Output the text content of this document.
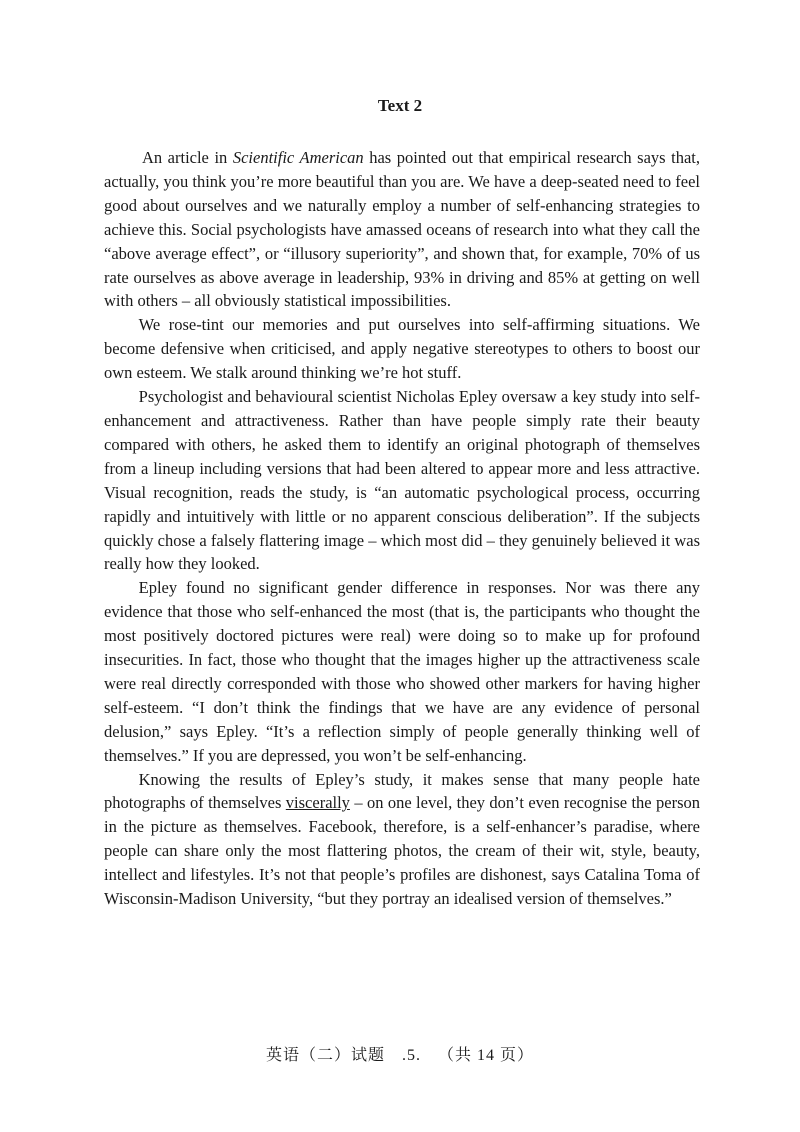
Text 2

An article in Scientific American has pointed out that empirical research says that, actually, you think you’re more beautiful than you are. We have a deep-seated need to feel good about ourselves and we naturally employ a number of self-enhancing strategies to achieve this. Social psychologists have amassed oceans of research into what they call the “above average effect”, or “illusory superiority”, and shown that, for example, 70% of us rate ourselves as above average in leadership, 93% in driving and 85% at getting on well with others – all obviously statistical impossibilities.

We rose-tint our memories and put ourselves into self-affirming situations. We become defensive when criticised, and apply negative stereotypes to others to boost our own esteem. We stalk around thinking we’re hot stuff.

Psychologist and behavioural scientist Nicholas Epley oversaw a key study into self-enhancement and attractiveness. Rather than have people simply rate their beauty compared with others, he asked them to identify an original photograph of themselves from a lineup including versions that had been altered to appear more and less attractive. Visual recognition, reads the study, is “an automatic psychological process, occurring rapidly and intuitively with little or no apparent conscious deliberation”. If the subjects quickly chose a falsely flattering image – which most did – they genuinely believed it was really how they looked.

Epley found no significant gender difference in responses. Nor was there any evidence that those who self-enhanced the most (that is, the participants who thought the most positively doctored pictures were real) were doing so to make up for profound insecurities. In fact, those who thought that the images higher up the attractiveness scale were real directly corresponded with those who showed other markers for having higher self-esteem. “I don’t think the findings that we have are any evidence of personal delusion,” says Epley. “It’s a reflection simply of people generally thinking well of themselves.” If you are depressed, you won’t be self-enhancing.

Knowing the results of Epley’s study, it makes sense that many people hate photographs of themselves viscerally – on one level, they don’t even recognise the person in the picture as themselves. Facebook, therefore, is a self-enhancer’s paradise, where people can share only the most flattering photos, the cream of their wit, style, beauty, intellect and lifestyles. It’s not that people’s profiles are dishonest, says Catalina Toma of Wisconsin-Madison University, “but they portray an idealised version of themselves.”

英语（二）试题 .5. （共 14 页）
